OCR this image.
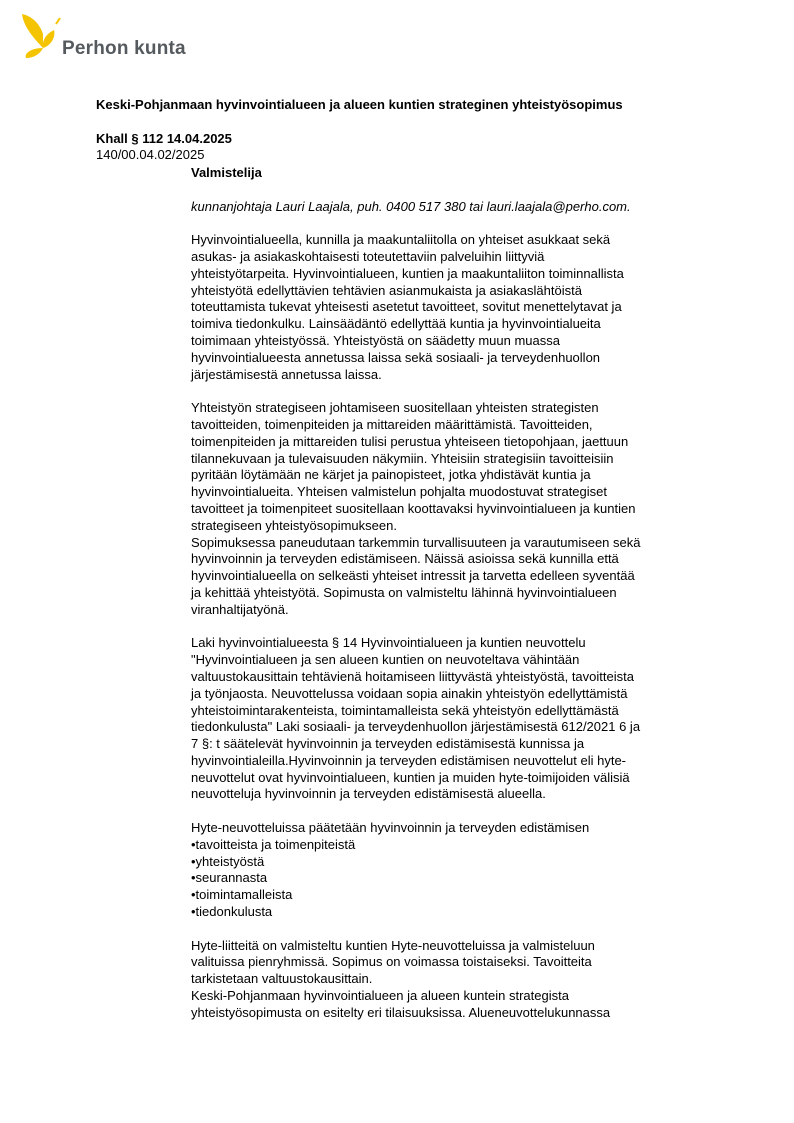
Perhon kunta
Keski-Pohjanmaan hyvinvointialueen ja alueen kuntien strateginen yhteistyösopimus
Khall § 112 14.04.2025
140/00.04.02/2025

Valmistelija

kunnanjohtaja Lauri Laajala, puh. 0400 517 380 tai lauri.laajala@perho.com.

Hyvinvointialueella, kunnilla ja maakuntaliitolla on yhteiset asukkaat sekä

asukas- ja asiakaskohtaisesti toteutettaviin palveluihin liittyviä

yhteistyötarpeita. Hyvinvointialueen, kuntien ja maakuntaliiton toiminnallista

yhteistyötä edellyttävien tehtävien asianmukaista ja asiakaslähtöistä

toteuttamista tukevat yhteisesti asetetut tavoitteet, sovitut menettelytavat ja

toimiva tiedonkulku. Lainsäädäntö edellyttää kuntia ja hyvinvointialueita

toimimaan yhteistyössä. Yhteistyöstä on säädetty muun muassa

hyvinvointialueesta annetussa laissa sekä sosiaali- ja terveydenhuollon

järjestämisestä annetussa laissa.

Yhteistyön strategiseen johtamiseen suositellaan yhteisten strategisten

tavoitteiden, toimenpiteiden ja mittareiden määrittämistä. Tavoitteiden,

toimenpiteiden ja mittareiden tulisi perustua yhteiseen tietopohjaan, jaettuun

tilannekuvaan ja tulevaisuuden näkymiin. Yhteisiin strategisiin tavoitteisiin

pyritään löytämään ne kärjet ja painopisteet, jotka yhdistävät kuntia ja

hyvinvointialueita. Yhteisen valmistelun pohjalta muodostuvat strategiset

tavoitteet ja toimenpiteet suositellaan koottavaksi hyvinvointialueen ja kuntien

strategiseen yhteistyösopimukseen.

Sopimuksessa paneudutaan tarkemmin turvallisuuteen ja varautumiseen sekä

hyvinvoinnin ja terveyden edistämiseen. Näissä asioissa sekä kunnilla että

hyvinvointialueella on selkeästi yhteiset intressit ja tarvetta edelleen syventää

ja kehittää yhteistyötä. Sopimusta on valmisteltu lähinnä hyvinvointialueen

viranhaltijatyönä.

Laki hyvinvointialueesta § 14 Hyvinvointialueen ja kuntien neuvottelu

"Hyvinvointialueen ja sen alueen kuntien on neuvoteltava vähintään

valtuustokausittain tehtävienä hoitamiseen liittyvästä yhteistyöstä, tavoitteista

ja työnjaosta. Neuvottelussa voidaan sopia ainakin yhteistyön edellyttämistä

yhteistoimintarakenteista, toimintamalleista sekä yhteistyön edellyttämästä

tiedonkulusta" Laki sosiaali- ja terveydenhuollon järjestämisestä 612/2021 6 ja

7 §: t säätelevät hyvinvoinnin ja terveyden edistämisestä kunnissa ja

hyvinvointialeilla.Hyvinvoinnin ja terveyden edistämisen neuvottelut eli hyte-

neuvottelut ovat hyvinvointialueen, kuntien ja muiden hyte-toimijoiden välisiä

neuvotteluja hyvinvoinnin ja terveyden edistämisestä alueella.

Hyte-neuvotteluissa päätetään hyvinvoinnin ja terveyden edistämisen

•tavoitteista ja toimenpiteistä

•yhteistyöstä

•seurannasta

•toimintamalleista

•tiedonkulusta

Hyte-liitteitä on valmisteltu kuntien Hyte-neuvotteluissa ja valmisteluun

valituissa pienryhmissä. Sopimus on voimassa toistaiseksi. Tavoitteita

tarkistetaan valtuustokausittain.

Keski-Pohjanmaan hyvinvointialueen ja alueen kuntein strategista

yhteistyösopimusta on esitelty eri tilaisuuksissa. Alueneuvottelukunnassa
